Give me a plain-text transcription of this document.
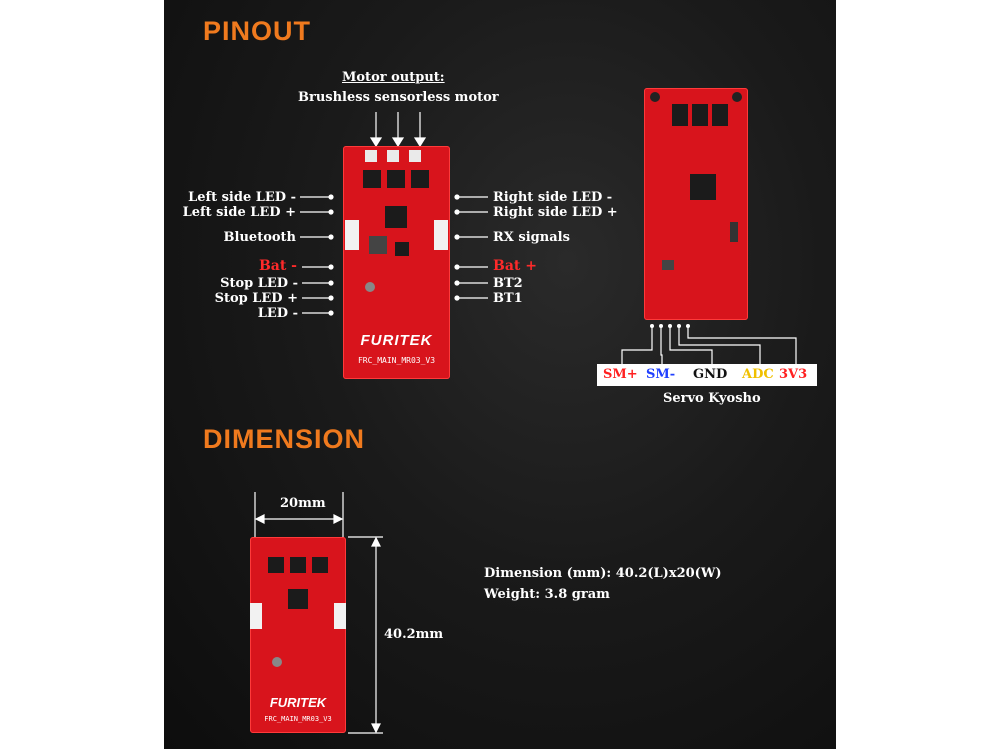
PINOUT
DIMENSION
Motor output:
Brushless sensorless motor
FURITEK
FRC_MAIN_MR03_V3
Left side LED -
Left side LED +
Bluetooth
Bat -
Stop LED -
Stop LED +
LED -
Right side LED -
Right side LED +
RX signals
Bat +
BT2
BT1
SM+ SM- GND ADC 3V3
Servo Kyosho
FURITEK
FRC_MAIN_MR03_V3
20mm
40.2mm
Dimension (mm): 40.2(L)x20(W)
Weight: 3.8 gram
